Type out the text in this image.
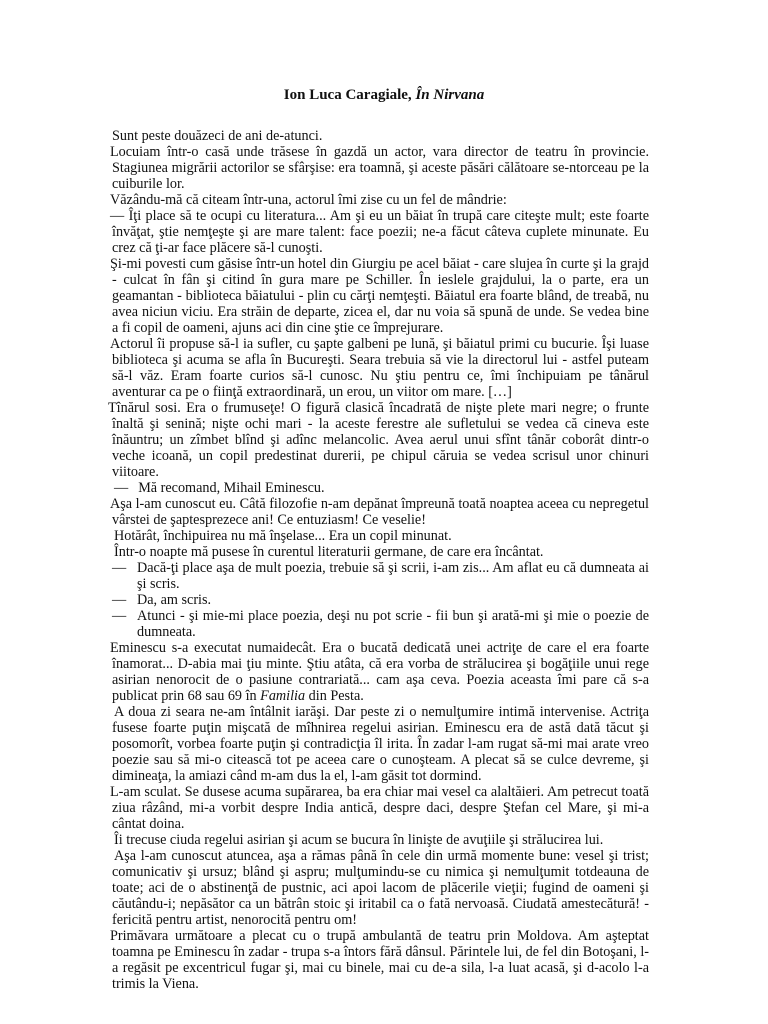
Ion Luca Caragiale, În Nirvana

Sunt peste douăzeci de ani de-atunci.

Locuiam într-o casă unde trăsese în gazdă un actor, vara director de teatru în provincie. Stagiunea migrării actorilor se sfârşise: era toamnă, şi aceste păsări călătoare se-ntorceau pe la cuiburile lor.

Văzându-mă că citeam într-una, actorul îmi zise cu un fel de mândrie:

— Îţi place să te ocupi cu literatura... Am şi eu un băiat în trupă care citeşte mult; este foarte învăţat, ştie nemţeşte şi are mare talent: face poezii; ne-a făcut câteva cuplete minunate. Eu crez că ţi-ar face plăcere să-l cunoşti.

Şi-mi povesti cum găsise într-un hotel din Giurgiu pe acel băiat - care slujea în curte şi la grajd - culcat în fân şi citind în gura mare pe Schiller. În ieslele grajdului, la o parte, era un geamantan - biblioteca băiatului - plin cu cărţi nemţeşti. Băiatul era foarte blând, de treabă, nu avea niciun viciu. Era străin de departe, zicea el, dar nu voia să spună de unde. Se vedea bine a fi copil de oameni, ajuns aci din cine ştie ce împrejurare.

Actorul îi propuse să-l ia sufler, cu şapte galbeni pe lună, şi băiatul primi cu bucurie. Îşi luase biblioteca şi acuma se afla în Bucureşti. Seara trebuia să vie la directorul lui - astfel puteam să-l văz. Eram foarte curios să-l cunosc. Nu ştiu pentru ce, îmi închipuiam pe tânărul aventurar ca pe o fiinţă extraordinară, un erou, un viitor om mare. […]

Tînărul sosi. Era o frumuseţe! O figură clasică încadrată de nişte plete mari negre; o frunte înaltă şi senină; nişte ochi mari - la aceste ferestre ale sufletului se vedea că cineva este înăuntru; un zîmbet blînd şi adînc melancolic. Avea aerul unui sfînt tânăr coborât dintr-o veche icoană, un copil predestinat durerii, pe chipul căruia se vedea scrisul unor chinuri viitoare.

— Mă recomand, Mihail Eminescu.

Aşa l-am cunoscut eu. Câtă filozofie n-am depănat împreună toată noaptea aceea cu nepregetul vârstei de şaptesprezece ani! Ce entuziasm! Ce veselie!

Hotărât, închipuirea nu mă înşelase... Era un copil minunat.

Într-o noapte mă pusese în curentul literaturii germane, de care era încântat.

— Dacă-ţi place aşa de mult poezia, trebuie să şi scrii, i-am zis... Am aflat eu că dumneata ai şi scris.

— Da, am scris.

— Atunci - şi mie-mi place poezia, deşi nu pot scrie - fii bun şi arată-mi şi mie o poezie de dumneata.

Eminescu s-a executat numaidecât. Era o bucată dedicată unei actriţe de care el era foarte înamorat... D-abia mai ţiu minte. Ştiu atâta, că era vorba de strălucirea şi bogăţiile unui rege asirian nenorocit de o pasiune contrariată... cam aşa ceva. Poezia aceasta îmi pare că s-a publicat prin 68 sau 69 în Familia din Pesta.

A doua zi seara ne-am întâlnit iarăşi. Dar peste zi o nemulţumire intimă intervenise. Actriţa fusese foarte puţin mişcată de mîhnirea regelui asirian. Eminescu era de astă dată tăcut şi posomorît, vorbea foarte puţin şi contradicţia îl irita. În zadar l-am rugat să-mi mai arate vreo poezie sau să mi-o citească tot pe aceea care o cunoşteam. A plecat să se culce devreme, şi dimineaţa, la amiazi când m-am dus la el, l-am găsit tot dormind.

L-am sculat. Se dusese acuma supărarea, ba era chiar mai vesel ca alaltăieri. Am petrecut toată ziua râzând, mi-a vorbit despre India antică, despre daci, despre Ştefan cel Mare, şi mi-a cântat doina.

Îi trecuse ciuda regelui asirian şi acum se bucura în linişte de avuţiile şi strălucirea lui.

Aşa l-am cunoscut atuncea, aşa a rămas până în cele din urmă momente bune: vesel şi trist; comunicativ şi ursuz; blând şi aspru; mulţumindu-se cu nimica şi nemulţumit totdeauna de toate; aci de o abstinenţă de pustnic, aci apoi lacom de plăcerile vieţii; fugind de oameni şi căutându-i; nepăsător ca un bătrân stoic şi iritabil ca o fată nervoasă. Ciudată amestecătură! - fericită pentru artist, nenorocită pentru om!

Primăvara următoare a plecat cu o trupă ambulantă de teatru prin Moldova. Am aşteptat toamna pe Eminescu în zadar - trupa s-a întors fără dânsul. Părintele lui, de fel din Botoşani, l-a regăsit pe excentricul fugar şi, mai cu binele, mai cu de-a sila, l-a luat acasă, şi d-acolo l-a trimis la Viena.
